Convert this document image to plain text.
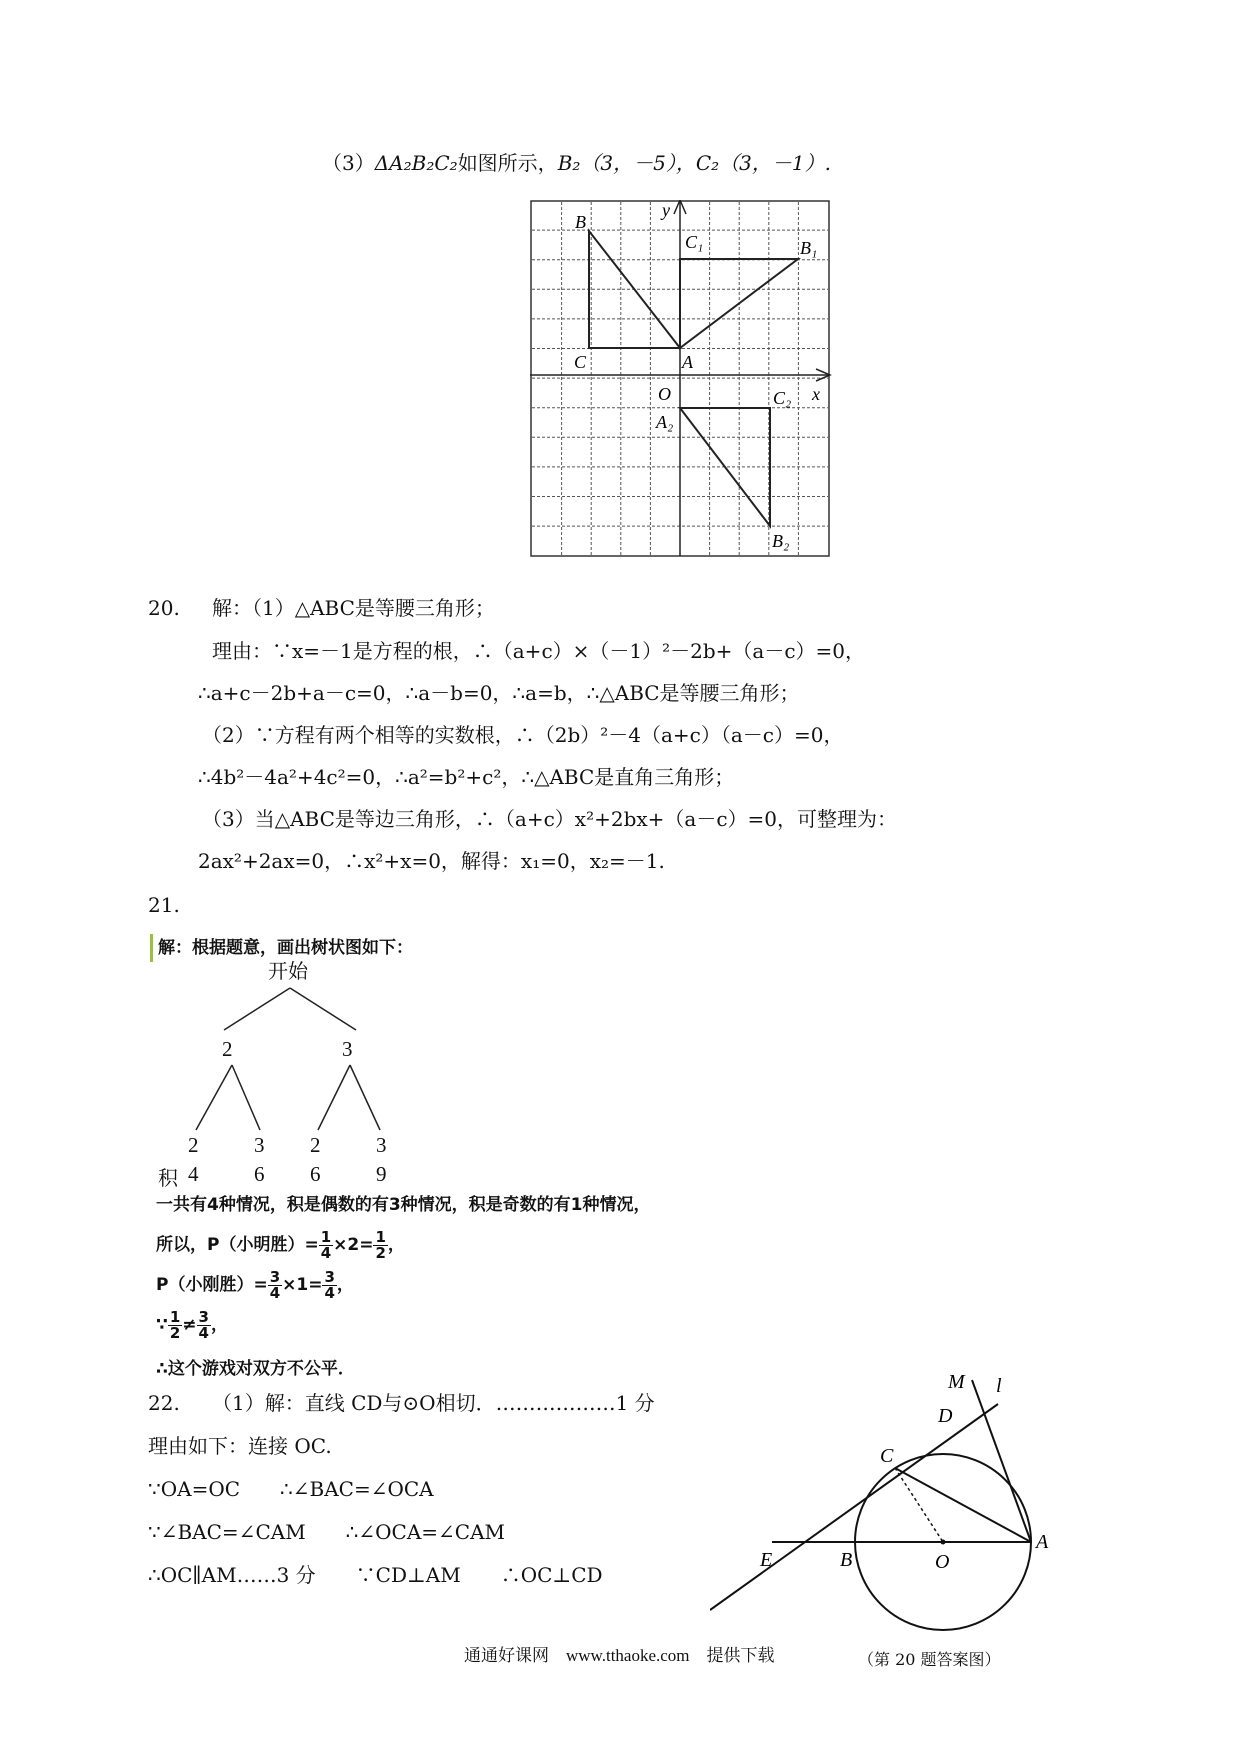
（3）ΔA₂B₂C₂如图所示，B₂（3，－5），C₂（3，－1）.
B
C₁	B₁
C	A
O	C₂
A₂
B₂
x
y
20. 解：（1）△ABC是等腰三角形；
理由：∵x=－1是方程的根，∴（a+c）×（－1）²－2b+（a－c）=0，
∴a+c－2b+a－c=0，∴a－b=0，∴a=b，∴△ABC是等腰三角形；
（2）∵方程有两个相等的实数根，∴（2b）²－4（a+c）（a－c）=0，
∴4b²－4a²+4c²=0，∴a²=b²+c²，∴△ABC是直角三角形；
（3）当△ABC是等边三角形，∴（a+c）x²+2bx+（a－c）=0，可整理为：
2ax²+2ax=0，∴x²+x=0，解得：x₁=0，x₂=－1.
21.
解：根据题意，画出树状图如下：
开始
2	3
2	3 2	3
积 4	6 6	9
一共有4种情况，积是偶数的有3种情况，积是奇数的有1种情况，
所以，P（小明胜）= $\frac{1}{4} \times 2= \frac{1}{2}$ ，
P（小刚胜）= $\frac{3}{4} \times 1= \frac{3}{4}$ ，
∵ $\frac{1}{2} \ne \frac{3}{4}$ ，
∴这个游戏对双方不公平．
22. （1）解：直线 CD与⊙O相切．………………1 分
理由如下：连接 OC.
∵OA=OC　　∴∠BAC=∠OCA
∵∠BAC=∠CAM　　∴∠OCA=∠CAM
∴OC∥AM……3 分　　∵CD⊥AM　　∴OC⊥CD
M l
D
C
E	B	O
A
（第 20 题答案图）
通通好课网　www.tthaoke.com　提供下载
